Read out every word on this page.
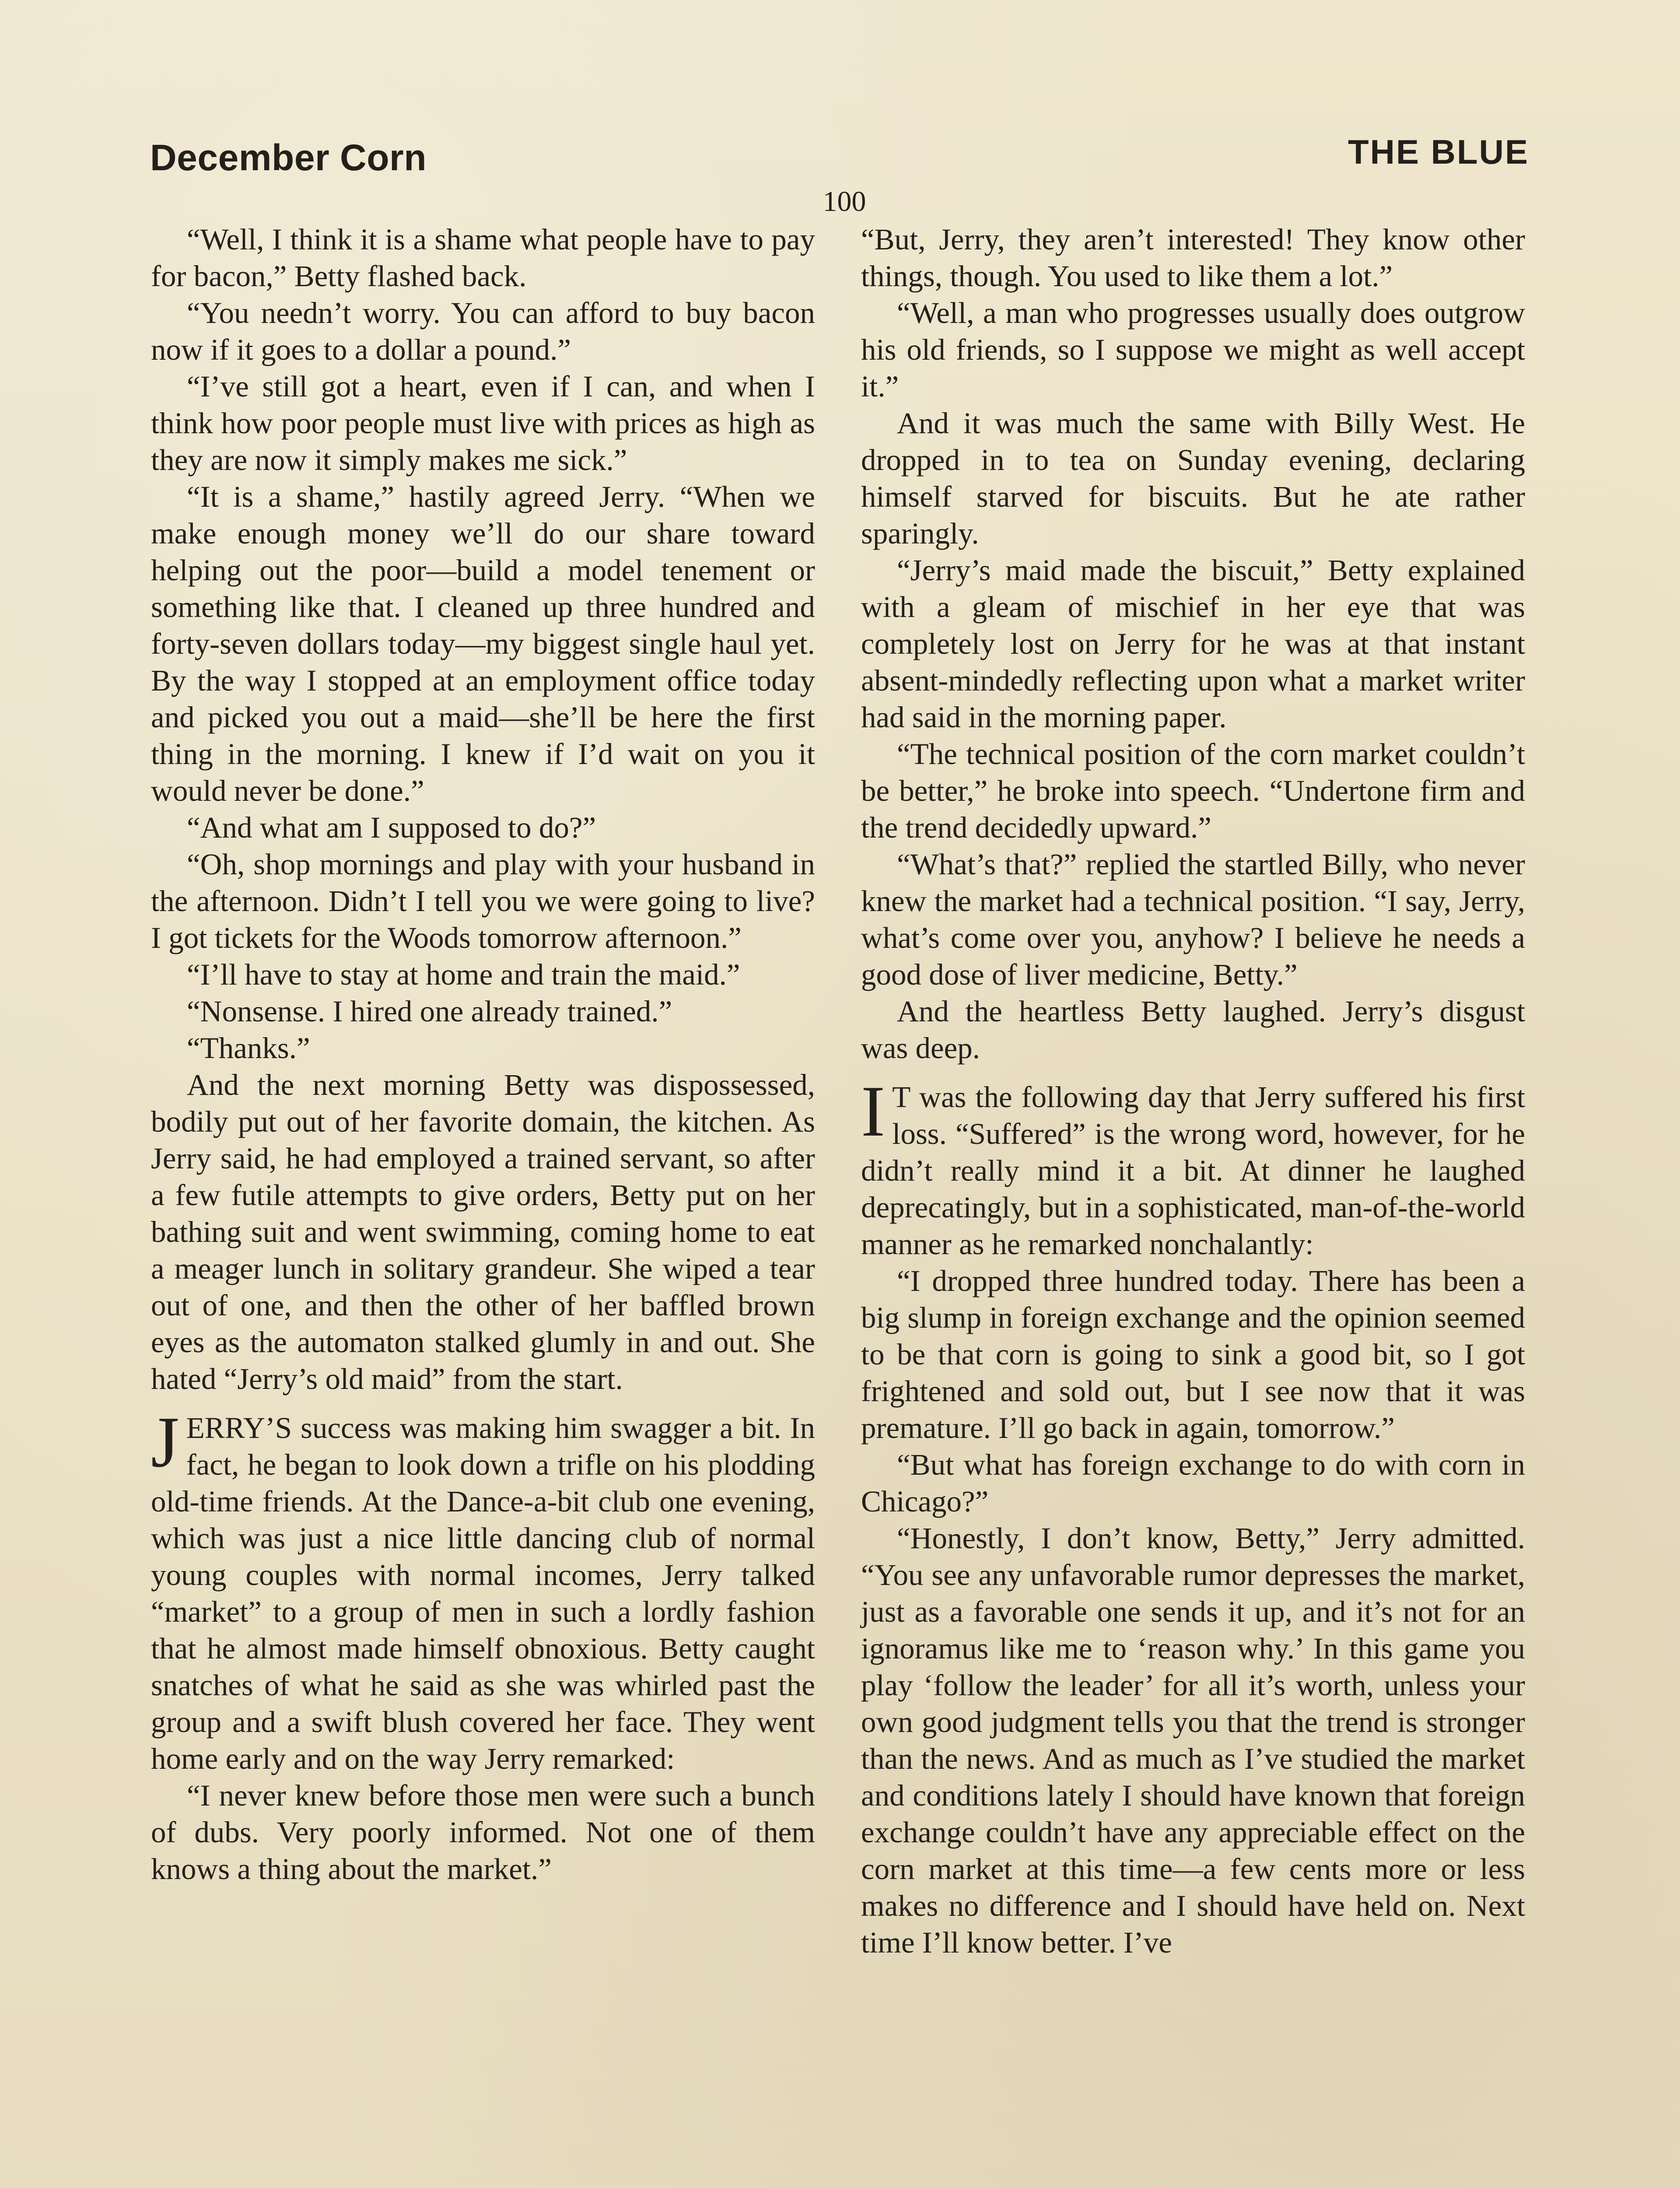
December Corn	THE BLUE
100

“Well, I think it is a shame what people have to pay for bacon,” Betty flashed back.

“You needn’t worry. You can afford to buy bacon now if it goes to a dollar a pound.”

“I’ve still got a heart, even if I can, and when I think how poor people must live with prices as high as they are now it simply makes me sick.”

“It is a shame,” hastily agreed Jerry. “When we make enough money we’ll do our share toward helping out the poor—build a model tenement or something like that. I cleaned up three hundred and forty-seven dollars today—my biggest single haul yet. By the way I stopped at an employment office today and picked you out a maid—she’ll be here the first thing in the morning. I knew if I’d wait on you it would never be done.”

“And what am I supposed to do?”

“Oh, shop mornings and play with your husband in the afternoon. Didn’t I tell you we were going to live? I got tickets for the Woods tomorrow afternoon.”

“I’ll have to stay at home and train the maid.”

“Nonsense. I hired one already trained.”

“Thanks.”

And the next morning Betty was dispossessed, bodily put out of her favorite domain, the kitchen. As Jerry said, he had employed a trained servant, so after a few futile attempts to give orders, Betty put on her bathing suit and went swimming, coming home to eat a meager lunch in solitary grandeur. She wiped a tear out of one, and then the other of her baffled brown eyes as the automaton stalked glumly in and out. She hated “Jerry’s old maid” from the start.

JERRY’S success was making him swagger a bit. In fact, he began to look down a trifle on his plodding old-time friends. At the Dance-a-bit club one evening, which was just a nice little dancing club of normal young couples with normal incomes, Jerry talked “market” to a group of men in such a lordly fashion that he almost made himself obnoxious. Betty caught snatches of what he said as she was whirled past the group and a swift blush covered her face. They went home early and on the way Jerry remarked:

“I never knew before those men were such a bunch of dubs. Very poorly informed. Not one of them knows a thing about the market.”

“But, Jerry, they aren’t interested! They know other things, though. You used to like them a lot.”

“Well, a man who progresses usually does outgrow his old friends, so I suppose we might as well accept it.”

And it was much the same with Billy West. He dropped in to tea on Sunday evening, declaring himself starved for biscuits. But he ate rather sparingly.

“Jerry’s maid made the biscuit,” Betty explained with a gleam of mischief in her eye that was completely lost on Jerry for he was at that instant absent-mindedly reflecting upon what a market writer had said in the morning paper.

“The technical position of the corn market couldn’t be better,” he broke into speech. “Undertone firm and the trend decidedly upward.”

“What’s that?” replied the startled Billy, who never knew the market had a technical position. “I say, Jerry, what’s come over you, anyhow? I believe he needs a good dose of liver medicine, Betty.”

And the heartless Betty laughed. Jerry’s disgust was deep.

I T was the following day that Jerry suffered his first loss. “Suffered” is the wrong word, however, for he didn’t really mind it a bit. At dinner he laughed deprecatingly, but in a sophisticated, man-of-the-world manner as he remarked nonchalantly:

“I dropped three hundred today. There has been a big slump in foreign exchange and the opinion seemed to be that corn is going to sink a good bit, so I got frightened and sold out, but I see now that it was premature. I’ll go back in again, tomorrow.”

“But what has foreign exchange to do with corn in Chicago?”

“Honestly, I don’t know, Betty,” Jerry admitted. “You see any unfavorable rumor depresses the market, just as a favorable one sends it up, and it’s not for an ignoramus like me to ‘reason why.’ In this game you play ‘follow the leader’ for all it’s worth, unless your own good judgment tells you that the trend is stronger than the news. And as much as I’ve studied the market and conditions lately I should have known that foreign exchange couldn’t have any appreciable effect on the corn market at this time—a few cents more or less makes no difference and I should have held on. Next time I’ll know better. I’ve
